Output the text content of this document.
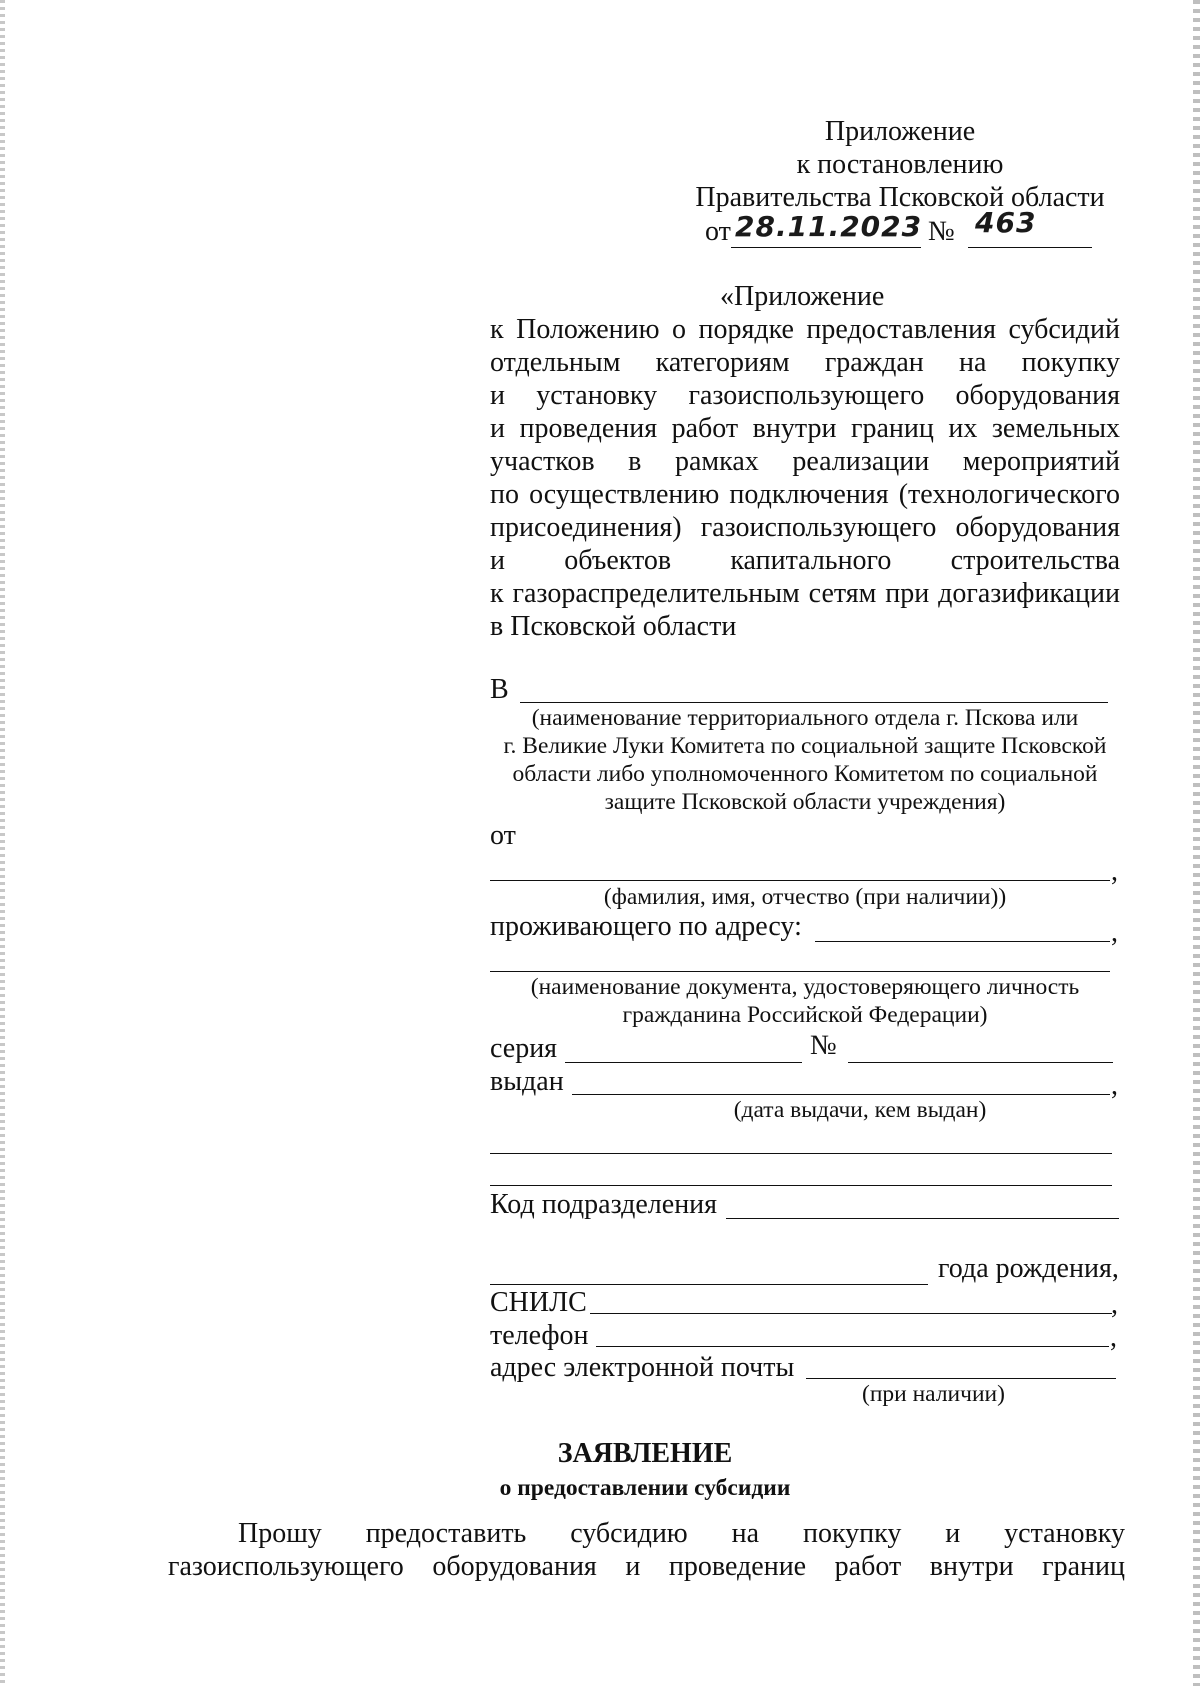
Приложение
к постановлению
Правительства Псковской области
от 28.11.2023 № 463
«Приложение
к Положению о порядке предоставления субсидий
отдельным категориям граждан на покупку
и установку газоиспользующего оборудования
и проведения работ внутри границ их земельных
участков в рамках реализации мероприятий
по осуществлению подключения (технологического
присоединения) газоиспользующего оборудования
и объектов капитального строительства
к газораспределительным сетям при догазификации
в Псковской области
В
(наименование территориального отдела г. Пскова или
г. Великие Луки Комитета по социальной защите Псковской
области либо уполномоченного Комитетом по социальной
защите Псковской области учреждения)
от
,
(фамилия, имя, отчество (при наличии))
проживающего по адресу:	,
(наименование документа, удостоверяющего личность
гражданина Российской Федерации)
серия	№
выдан	,
(дата выдачи, кем выдан)
Код подразделения
года рождения,
СНИЛС	,
телефон	,
адрес электронной почты
(при наличии)
ЗАЯВЛЕНИЕ
о предоставлении субсидии
Прошу предоставить субсидию на покупку и установку
газоиспользующего оборудования и проведение работ внутри границ
